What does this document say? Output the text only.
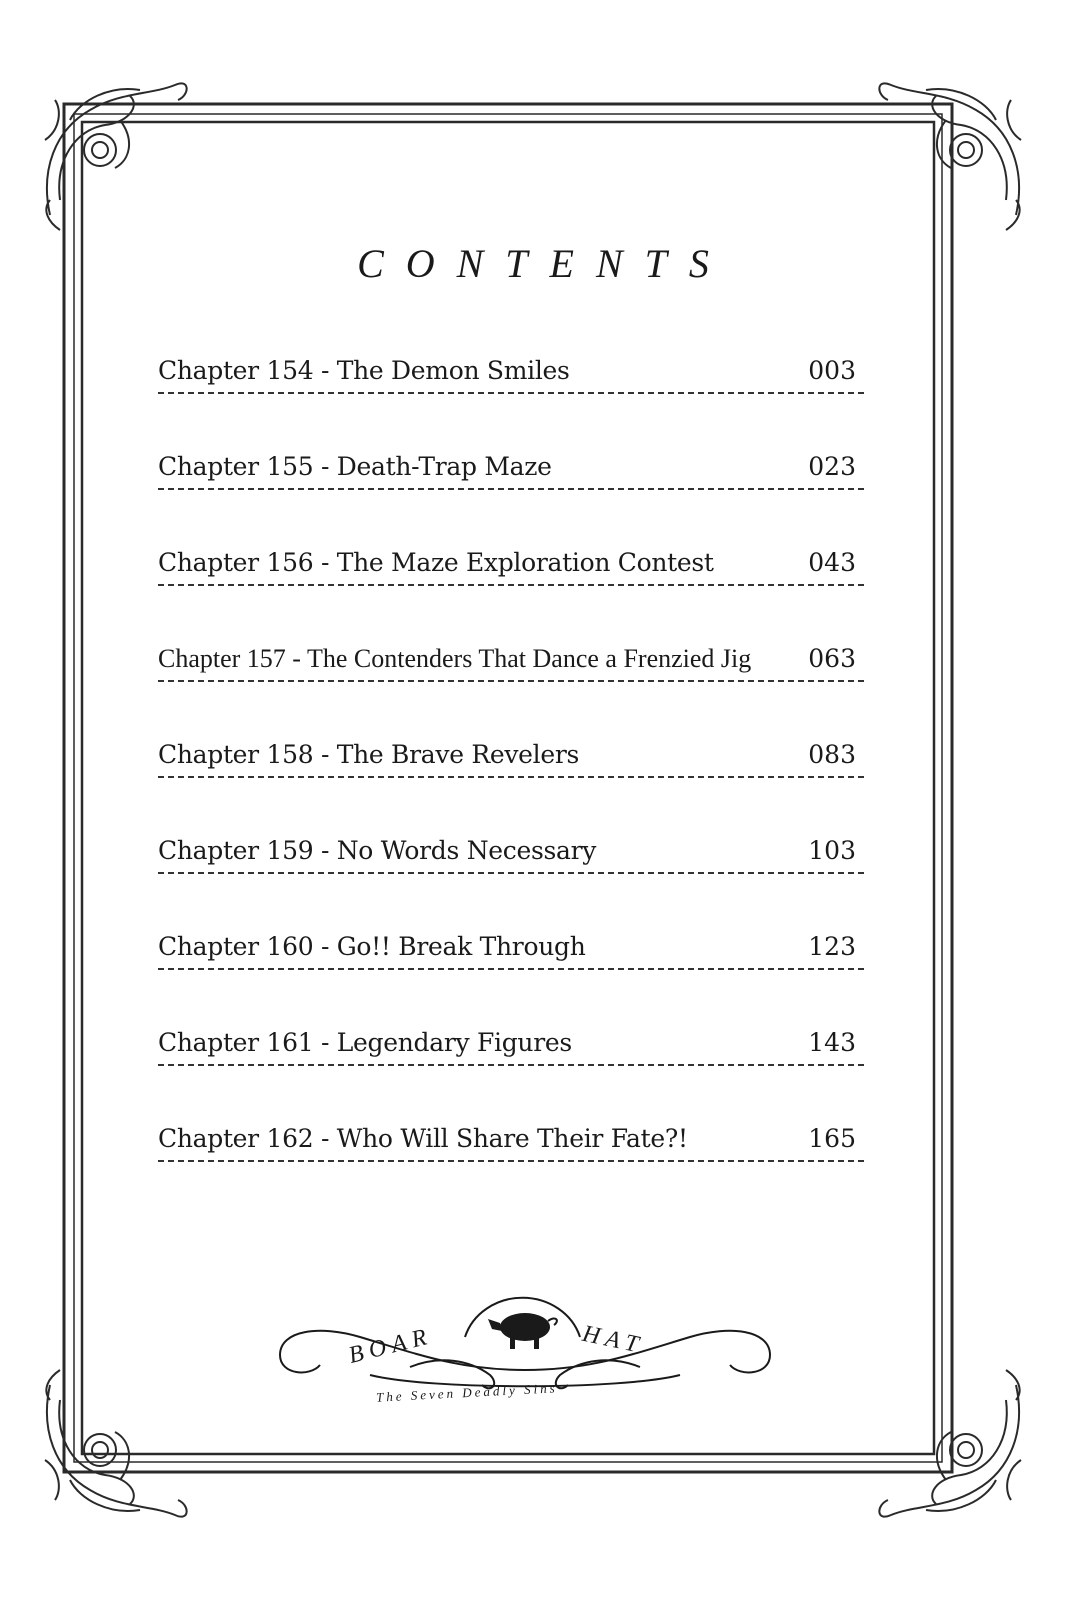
CONTENTS
Chapter 154 - The Demon Smiles	003
Chapter 155 - Death-Trap Maze	023
Chapter 156 - The Maze Exploration Contest	043
Chapter 157 - The Contenders That Dance a Frenzied Jig 063
Chapter 158 - The Brave Revelers	083
Chapter 159 - No Words Necessary	103
Chapter 160 - Go!! Break Through	123
Chapter 161 - Legendary Figures	143
Chapter 162 - Who Will Share Their Fate?!	165
BOAR	HAT
The Seven Deadly Sins
